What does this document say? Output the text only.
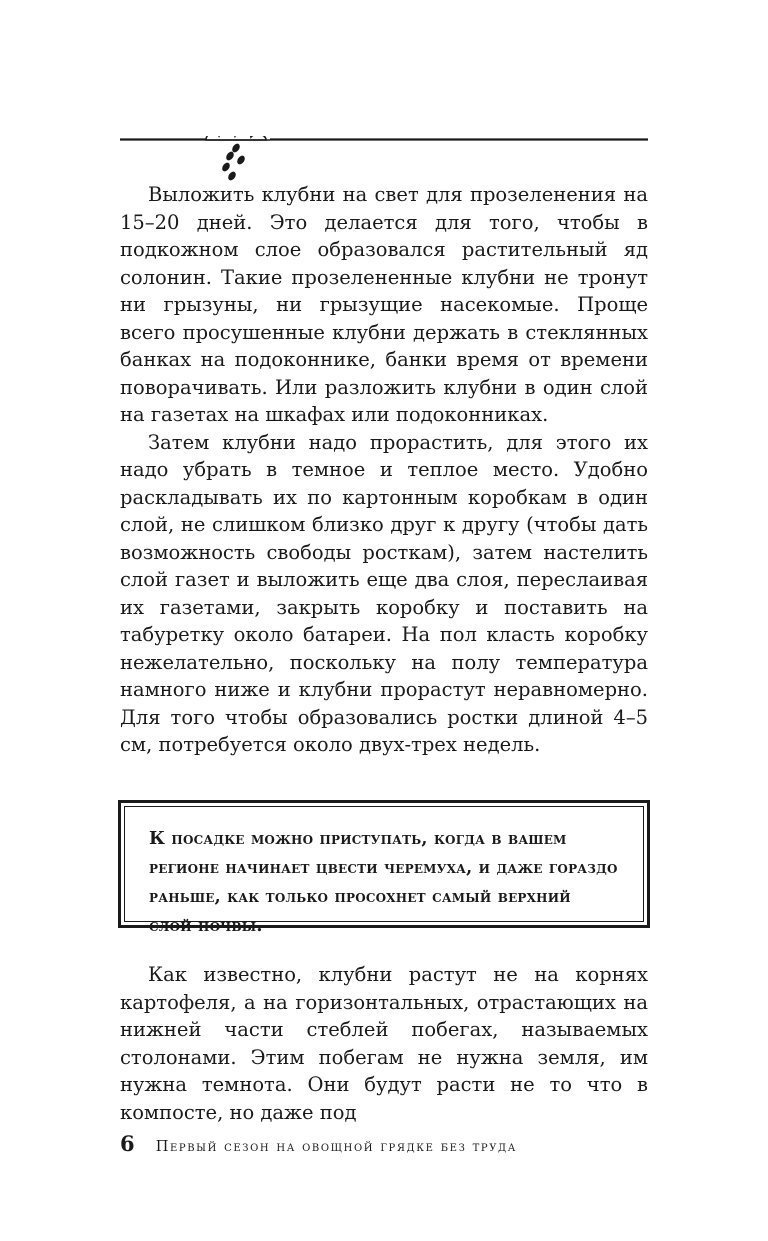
Выложить клубни на свет для прозеленения на 15–20 дней. Это делается для того, чтобы в подкожном слое образовался растительный яд солонин. Такие прозелененные клубни не тронут ни грызуны, ни грызущие насекомые. Проще всего просушенные клубни держать в стеклянных банках на подоконнике, банки время от времени поворачивать. Или разложить клубни в один слой на газетах на шкафах или подоконниках.

Затем клубни надо прорастить, для этого их надо убрать в темное и теплое место. Удобно раскладывать их по картонным коробкам в один слой, не слишком близко друг к другу (чтобы дать возможность свободы росткам), затем настелить слой газет и выложить еще два слоя, переслаивая их газетами, закрыть коробку и поставить на табуретку около батареи. На пол класть коробку нежелательно, поскольку на полу температура намного ниже и клубни прорастут неравномерно. Для того чтобы образовались ростки длиной 4–5 см, потребуется около двух-трех недель.

К посадке можно приступать, когда в вашем регионе начинает цвести черемуха, и даже гораздо раньше, как только просохнет самый верхний слой почвы.

Как известно, клубни растут не на корнях картофеля, а на горизонтальных, отрастающих на нижней части стеблей побегах, называемых столонами. Этим побегам не нужна земля, им нужна темнота. Они будут расти не то что в компосте, но даже под

6 Первый сезон на овощной грядке без труда
